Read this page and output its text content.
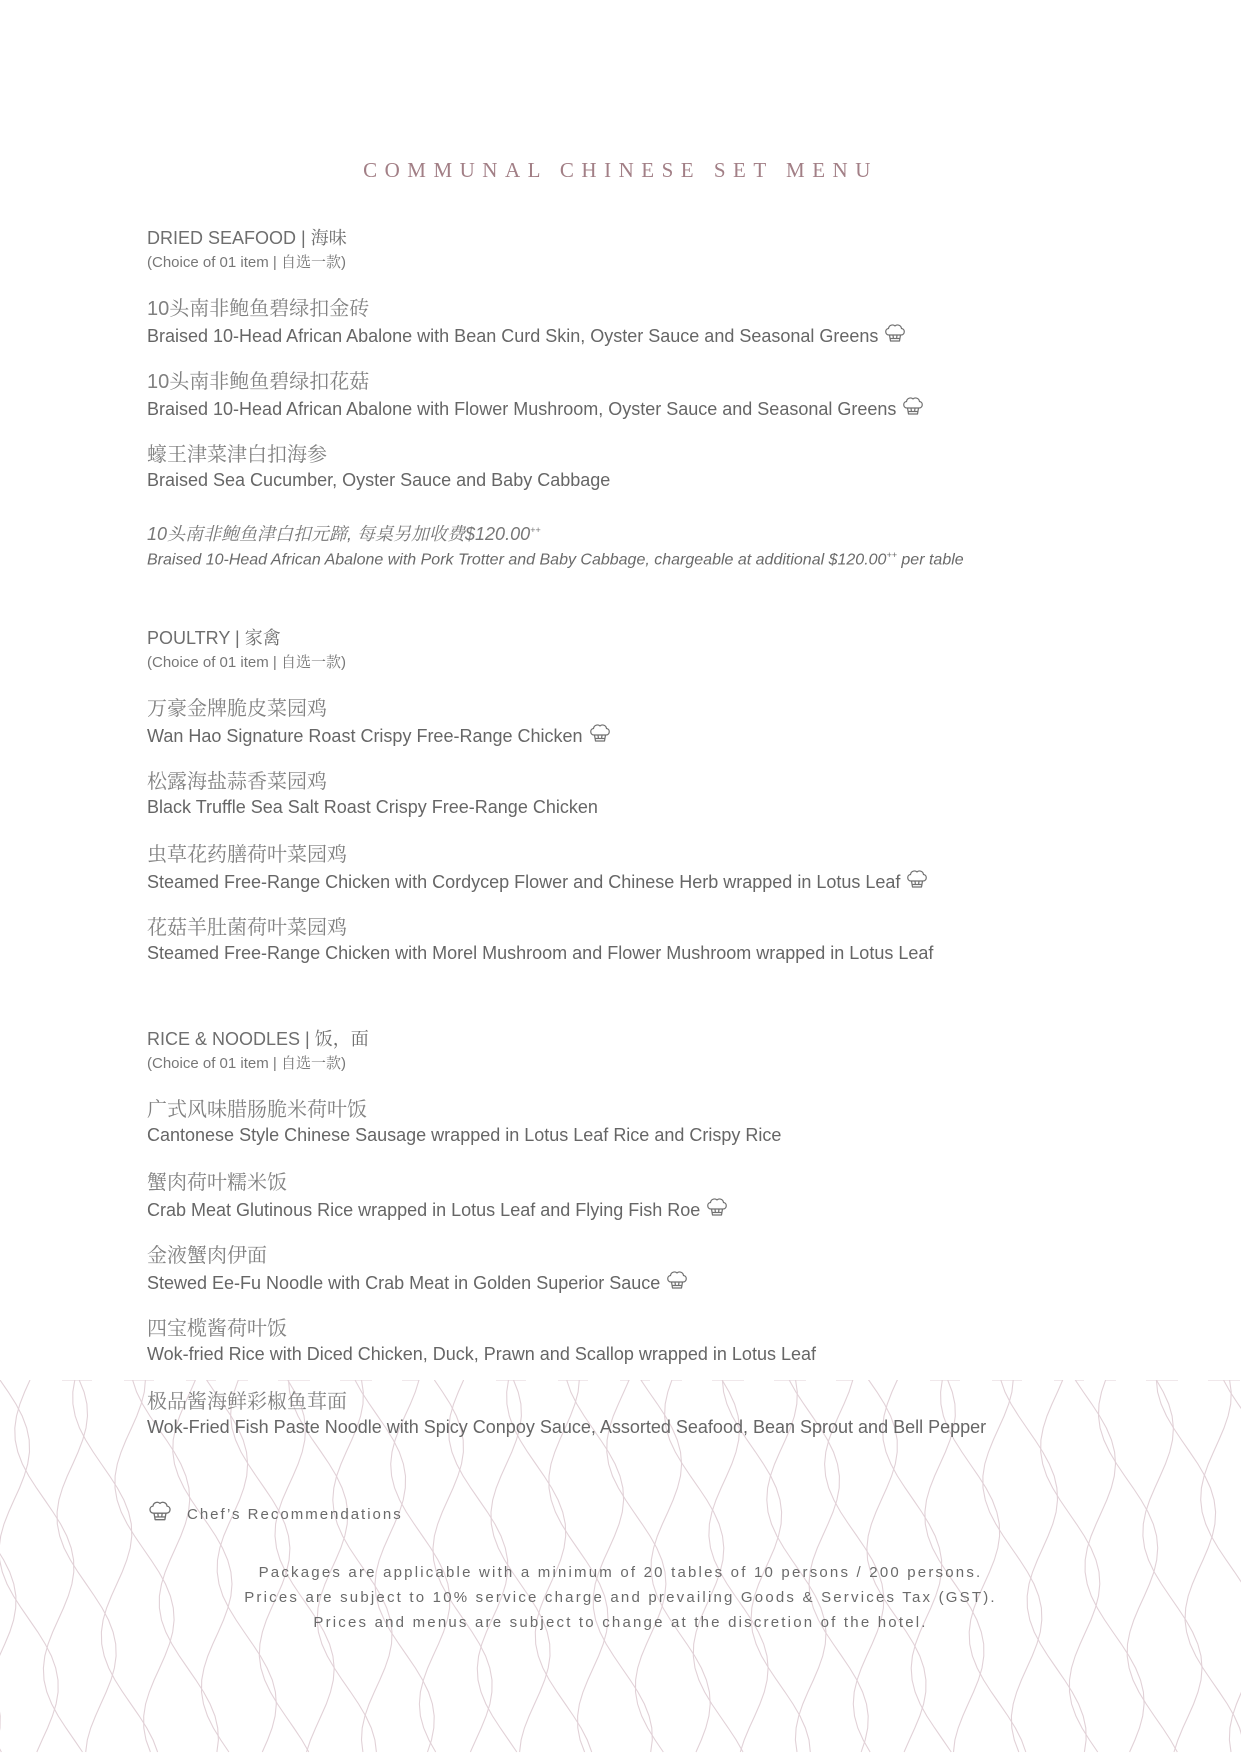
COMMUNAL CHINESE SET MENU
DRIED SEAFOOD | 海味
(Choice of 01 item | 自选一款)
10头南非鲍鱼碧绿扣金砖
Braised 10-Head African Abalone with Bean Curd Skin, Oyster Sauce and Seasonal Greens
10头南非鲍鱼碧绿扣花菇
Braised 10-Head African Abalone with Flower Mushroom, Oyster Sauce and Seasonal Greens
蠔王津菜津白扣海参
Braised Sea Cucumber, Oyster Sauce and Baby Cabbage
10头南非鲍鱼津白扣元蹄, 每桌另加收费$120.00++
Braised 10-Head African Abalone with Pork Trotter and Baby Cabbage, chargeable at additional $120.00++ per table
POULTRY | 家禽
(Choice of 01 item | 自选一款)
万豪金牌脆皮菜园鸡
Wan Hao Signature Roast Crispy Free-Range Chicken
松露海盐蒜香菜园鸡
Black Truffle Sea Salt Roast Crispy Free-Range Chicken
虫草花药膳荷叶菜园鸡
Steamed Free-Range Chicken with Cordycep Flower and Chinese Herb wrapped in Lotus Leaf
花菇羊肚菌荷叶菜园鸡
Steamed Free-Range Chicken with Morel Mushroom and Flower Mushroom wrapped in Lotus Leaf
RICE & NOODLES | 饭，面
(Choice of 01 item | 自选一款)
广式风味腊肠脆米荷叶饭
Cantonese Style Chinese Sausage wrapped in Lotus Leaf Rice and Crispy Rice
蟹肉荷叶糯米饭
Crab Meat Glutinous Rice wrapped in Lotus Leaf and Flying Fish Roe
金液蟹肉伊面
Stewed Ee-Fu Noodle with Crab Meat in Golden Superior Sauce
四宝榄酱荷叶饭
Wok-fried Rice with Diced Chicken, Duck, Prawn and Scallop wrapped in Lotus Leaf
极品酱海鲜彩椒鱼茸面
Wok-Fried Fish Paste Noodle with Spicy Conpoy Sauce, Assorted Seafood, Bean Sprout and Bell Pepper
Chef’s Recommendations
Packages are applicable with a minimum of 20 tables of 10 persons / 200 persons.
Prices are subject to 10% service charge and prevailing Goods & Services Tax (GST).
Prices and menus are subject to change at the discretion of the hotel.
